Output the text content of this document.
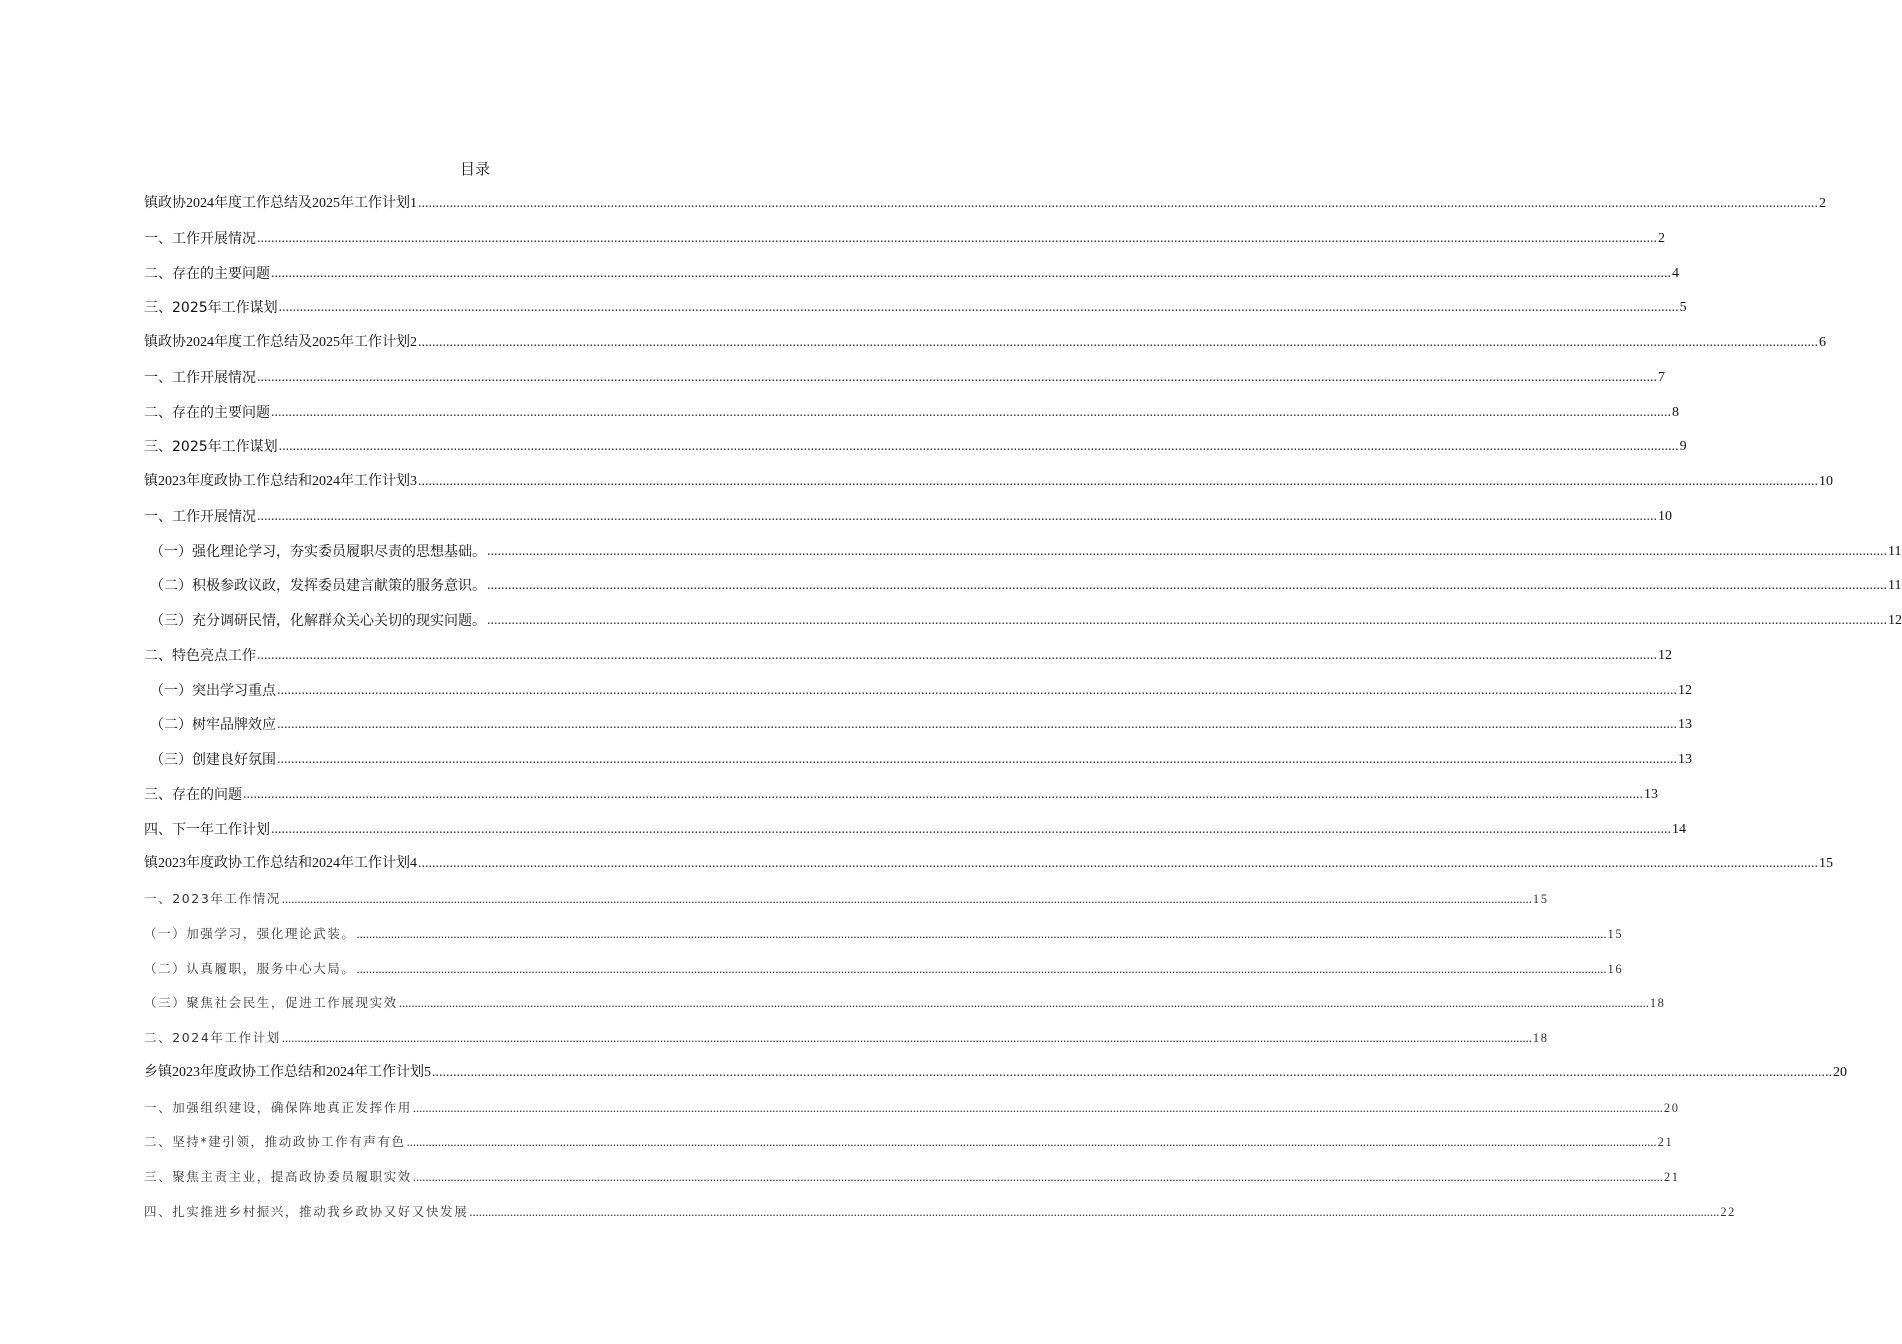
目录
镇政协2024年度工作总结及2025年工作计划1 ................................................................................................................................................................................................................................................................................................................................................................................................................ 2
一、工作开展情况 ................................................................................................................................................................................................................................................................................................................................................................................................................ 2
二、存在的主要问题 ................................................................................................................................................................................................................................................................................................................................................................................................................ 4
三、2025年工作谋划 ................................................................................................................................................................................................................................................................................................................................................................................................................ 5
镇政协2024年度工作总结及2025年工作计划2 ................................................................................................................................................................................................................................................................................................................................................................................................................ 6
一、工作开展情况 ................................................................................................................................................................................................................................................................................................................................................................................................................ 7
二、存在的主要问题 ................................................................................................................................................................................................................................................................................................................................................................................................................ 8
三、2025年工作谋划 ................................................................................................................................................................................................................................................................................................................................................................................................................ 9
镇2023年度政协工作总结和2024年工作计划3 ................................................................................................................................................................................................................................................................................................................................................................................................................ 10
一、工作开展情况 ................................................................................................................................................................................................................................................................................................................................................................................................................ 10
（一）强化理论学习，夯实委员履职尽责的思想基础。 ................................................................................................................................................................................................................................................................................................................................................................................................................ 11
（二）积极参政议政，发挥委员建言献策的服务意识。 ................................................................................................................................................................................................................................................................................................................................................................................................................ 11
（三）充分调研民情，化解群众关心关切的现实问题。 ................................................................................................................................................................................................................................................................................................................................................................................................................ 12
二、特色亮点工作 ................................................................................................................................................................................................................................................................................................................................................................................................................ 12
（一）突出学习重点 ................................................................................................................................................................................................................................................................................................................................................................................................................ 12
（二）树牢品牌效应 ................................................................................................................................................................................................................................................................................................................................................................................................................ 13
（三）创建良好氛围 ................................................................................................................................................................................................................................................................................................................................................................................................................ 13
三、存在的问题 ................................................................................................................................................................................................................................................................................................................................................................................................................ 13
四、下一年工作计划 ................................................................................................................................................................................................................................................................................................................................................................................................................ 14
镇2023年度政协工作总结和2024年工作计划4 ................................................................................................................................................................................................................................................................................................................................................................................................................ 15
一、2023年工作情况 ................................................................................................................................................................................................................................................................................................................................................................................................................ 15
（一）加强学习，强化理论武装。 ................................................................................................................................................................................................................................................................................................................................................................................................................ 15
（二）认真履职，服务中心大局。 ................................................................................................................................................................................................................................................................................................................................................................................................................ 16
（三）聚焦社会民生，促进工作展现实效 ................................................................................................................................................................................................................................................................................................................................................................................................................ 18
二、2024年工作计划 ................................................................................................................................................................................................................................................................................................................................................................................................................ 18
乡镇2023年度政协工作总结和2024年工作计划5 ................................................................................................................................................................................................................................................................................................................................................................................................................ 20
一、加强组织建设，确保阵地真正发挥作用 ................................................................................................................................................................................................................................................................................................................................................................................................................ 20
二、坚持*建引领，推动政协工作有声有色 ................................................................................................................................................................................................................................................................................................................................................................................................................ 21
三、聚焦主责主业，提高政协委员履职实效 ................................................................................................................................................................................................................................................................................................................................................................................................................ 21
四、扎实推进乡村振兴，推动我乡政协又好又快发展 ................................................................................................................................................................................................................................................................................................................................................................................................................ 22
